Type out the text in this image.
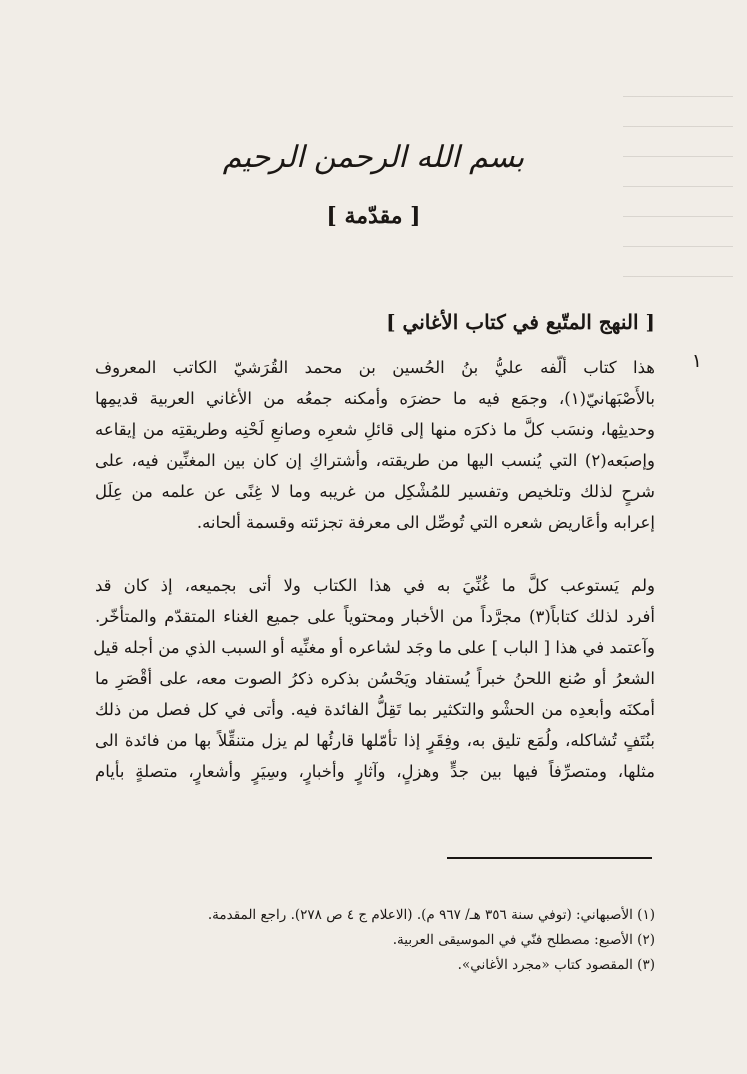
بسم الله الرحمن الرحيم
[ مقدّمة ]
[ النهج المتّبع في كتاب الأغاني ]
١
هذا كتاب ألّفه عليُّ بنُ الحُسين بن محمد القُرَشيّ الكاتب المعروف
بالأَصْبَهانيّ(١)، وجمَع فيه ما حضرَه وأمكنه جمعُه من الأغاني العربية قديمِها
وحديثِها، ونسَب كلَّ ما ذكرَه منها إلى قائلِ شعرِه وصانعِ لَحْنِه وطريقتِه من إيقاعه
وإصبَعه(٢) التي يُنسب اليها من طريقته، وأشتراكِ إن كان بين المغنِّين فيه، على
شرحٍ لذلك وتلخيص وتفسير للمُشْكِل من غريبه وما لا غِنًى عن علمه من عِلَل
إعرابه وأعَاريض شعره التي تُوصِّل الى معرفة تجزئته وقسمة ألحانه.
ولم يَستوعب كلَّ ما غُنِّيَ به في هذا الكتاب ولا أتى بجميعه، إذ كان قد
أفرد لذلك كتاباً(٣) مجرَّداً من الأخبار ومحتوياً على جميع الغناء المتقدّم والمتأخّر.
وآعتمد في هذا [ الباب ] على ما وجَد لشاعره أو مغنِّيه أو السبب الذي من أجله قيل
الشعرُ أو صُنع اللحنُ خبراً يُستفاد ويَحْسُن بذكره ذكرُ الصوت معه، على أقْصَرِ ما
أمكنَه وأبعدِه من الحشْو والتكثير بما تَقِلُّ الفائدة فيه. وأتى في كل فصل من ذلك
بنُتَفٍ تُشاكله، ولُمَع تليق به، وفِقَرٍ إذا تأمّلها قارئُها لم يزل متنقِّلاً بها من فائدة الى
مثلها، ومتصرِّفاً فيها بين جدٍّ وهزلٍ، وآثارٍ وأخبارٍ، وسِيَرٍ وأشعارٍ، متصلةٍ بأيام
(١) الأصبهاني: (توفي سنة ٣٥٦ هـ/ ٩٦٧ م). (الاعلام ج ٤ ص ٢٧٨). راجع المقدمة.
(٢) الأصبع: مصطلح فنّي في الموسيقى العربية.
(٣) المقصود كتاب «مجرد الأغاني».
